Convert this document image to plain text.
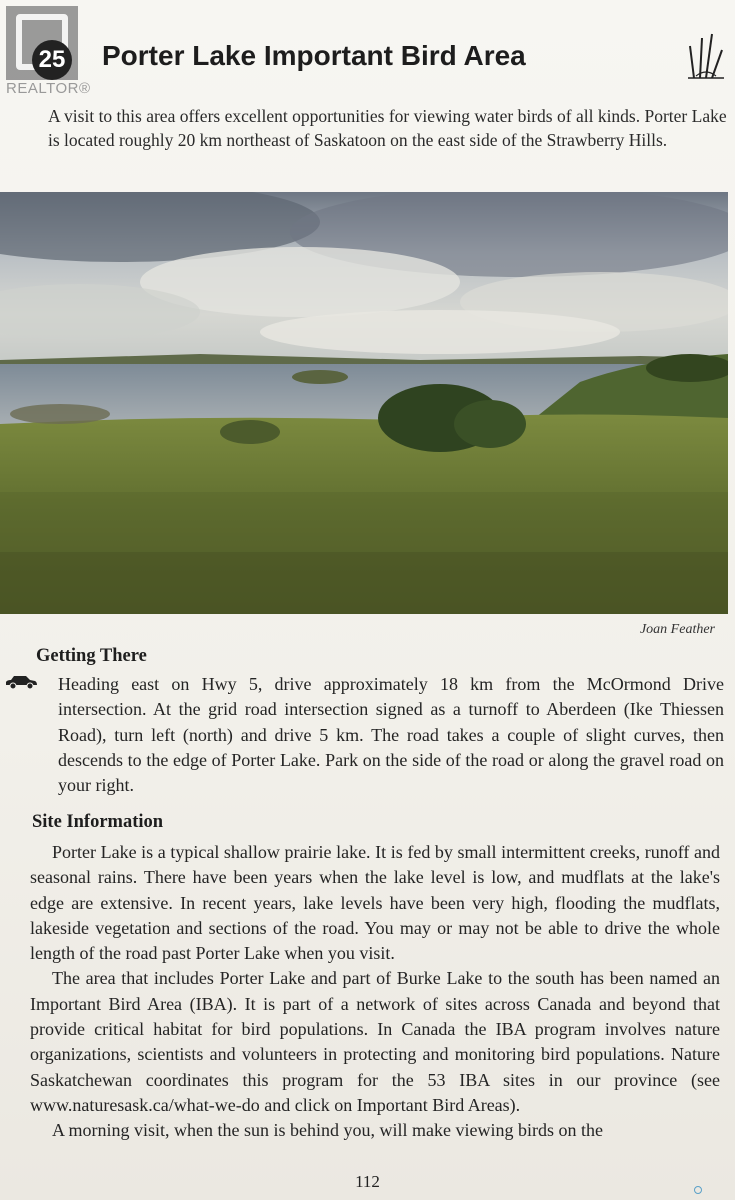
REALTOR®
25 Porter Lake Important Bird Area

A visit to this area offers excellent opportunities for viewing water birds of all kinds. Porter Lake is located roughly 20 km northeast of Saskatoon on the east side of the Strawberry Hills.

Joan Feather
Getting There

Heading east on Hwy 5, drive approximately 18 km from the McOrmond Drive intersection. At the grid road intersection signed as a turnoff to Aberdeen (Ike Thiessen Road), turn left (north) and drive 5 km. The road takes a couple of slight curves, then descends to the edge of Porter Lake. Park on the side of the road or along the gravel road on your right.

Site Information

Porter Lake is a typical shallow prairie lake. It is fed by small intermittent creeks, runoff and seasonal rains. There have been years when the lake level is low, and mudflats at the lake's edge are extensive. In recent years, lake levels have been very high, flooding the mudflats, lakeside vegetation and sections of the road. You may or may not be able to drive the whole length of the road past Porter Lake when you visit.

The area that includes Porter Lake and part of Burke Lake to the south has been named an Important Bird Area (IBA). It is part of a network of sites across Canada and beyond that provide critical habitat for bird populations. In Canada the IBA program involves nature organizations, scientists and volunteers in protecting and monitoring bird populations. Nature Saskatchewan coordinates this program for the 53 IBA sites in our province (see www.naturesask.ca/what-we-do and click on Important Bird Areas).

A morning visit, when the sun is behind you, will make viewing birds on the

112
